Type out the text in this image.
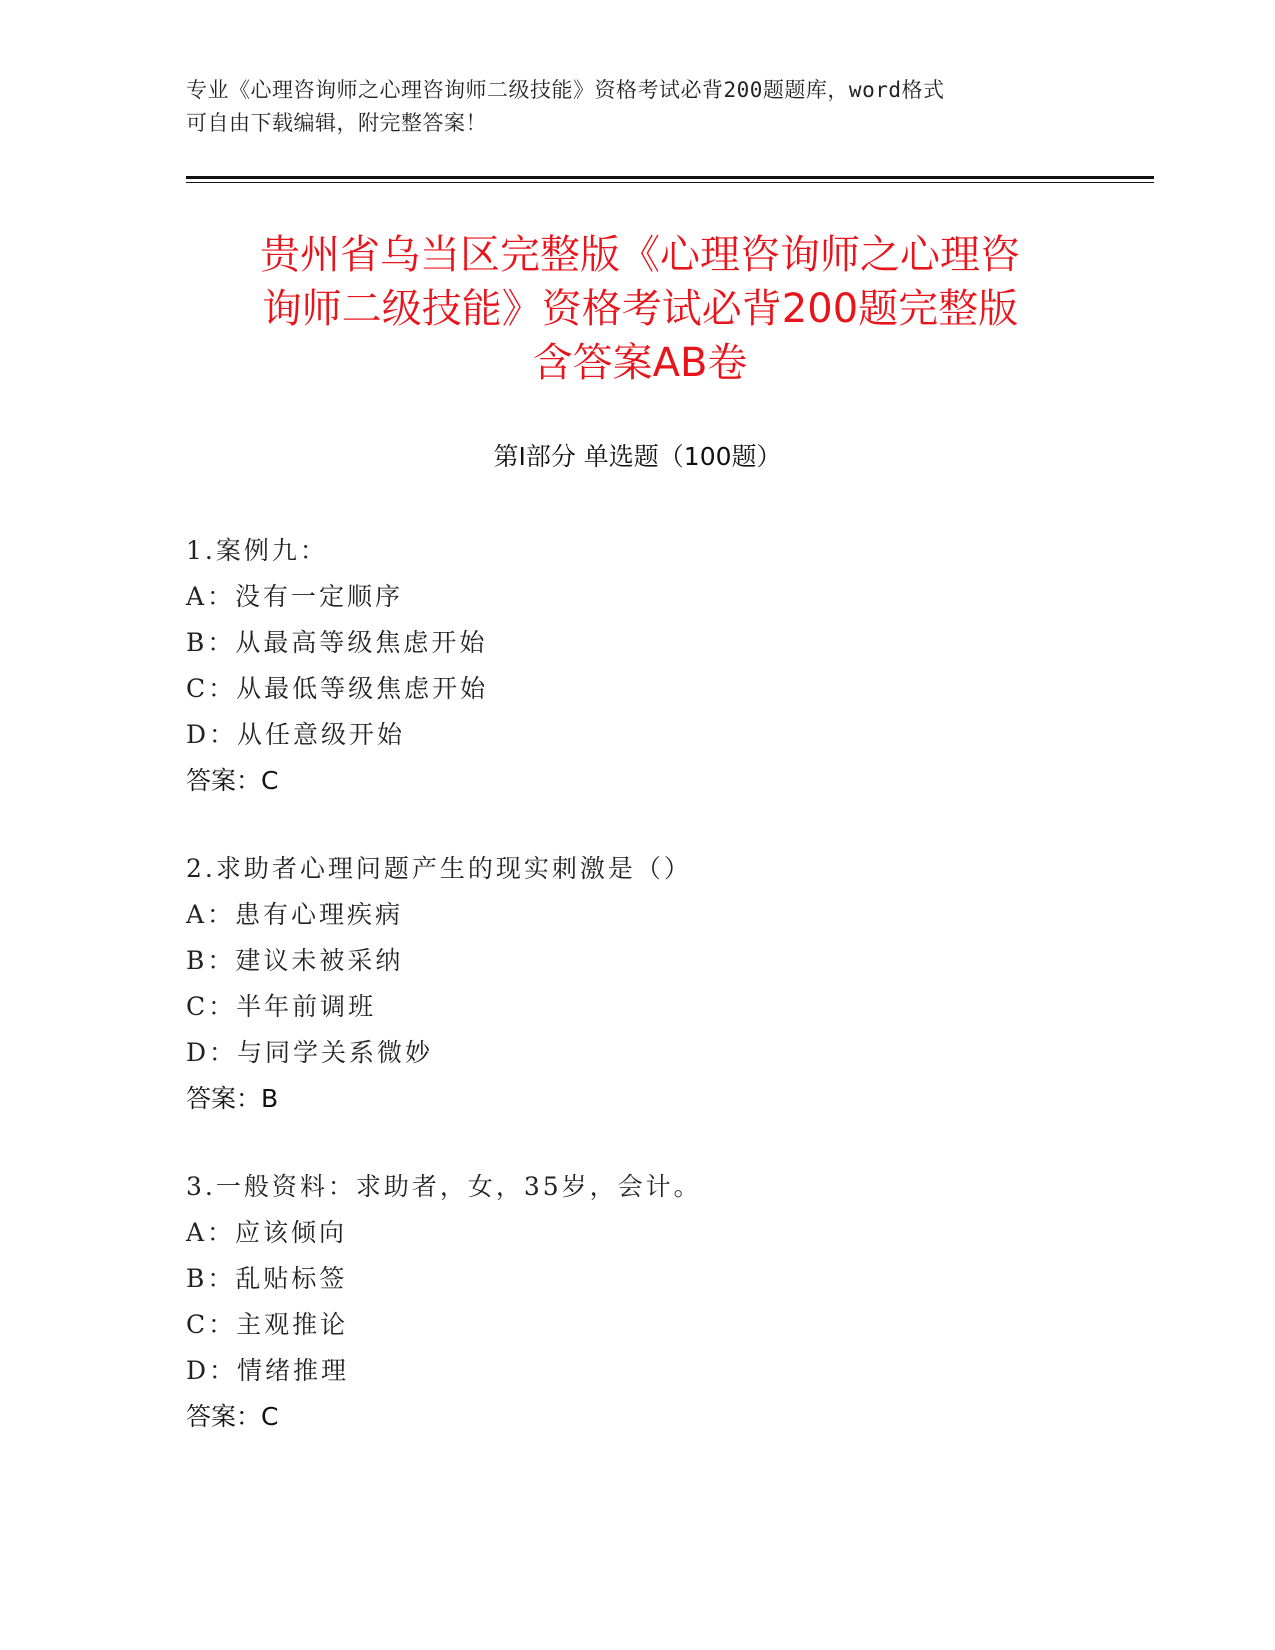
专业《心理咨询师之心理咨询师二级技能》资格考试必背200题题库，word格式
可自由下载编辑，附完整答案！
贵州省乌当区完整版《心理咨询师之心理咨
询师二级技能》资格考试必背200题完整版
含答案AB卷
第Ⅰ部分 单选题（100题）
1.案例九：
A：没有一定顺序
B：从最高等级焦虑开始
C：从最低等级焦虑开始
D：从任意级开始
答案：C
2.求助者心理问题产生的现实刺激是（）
A：患有心理疾病
B：建议未被采纳
C：半年前调班
D：与同学关系微妙
答案：B
3.一般资料：求助者，女，35岁，会计。
A：应该倾向
B：乱贴标签
C：主观推论
D：情绪推理
答案：C
